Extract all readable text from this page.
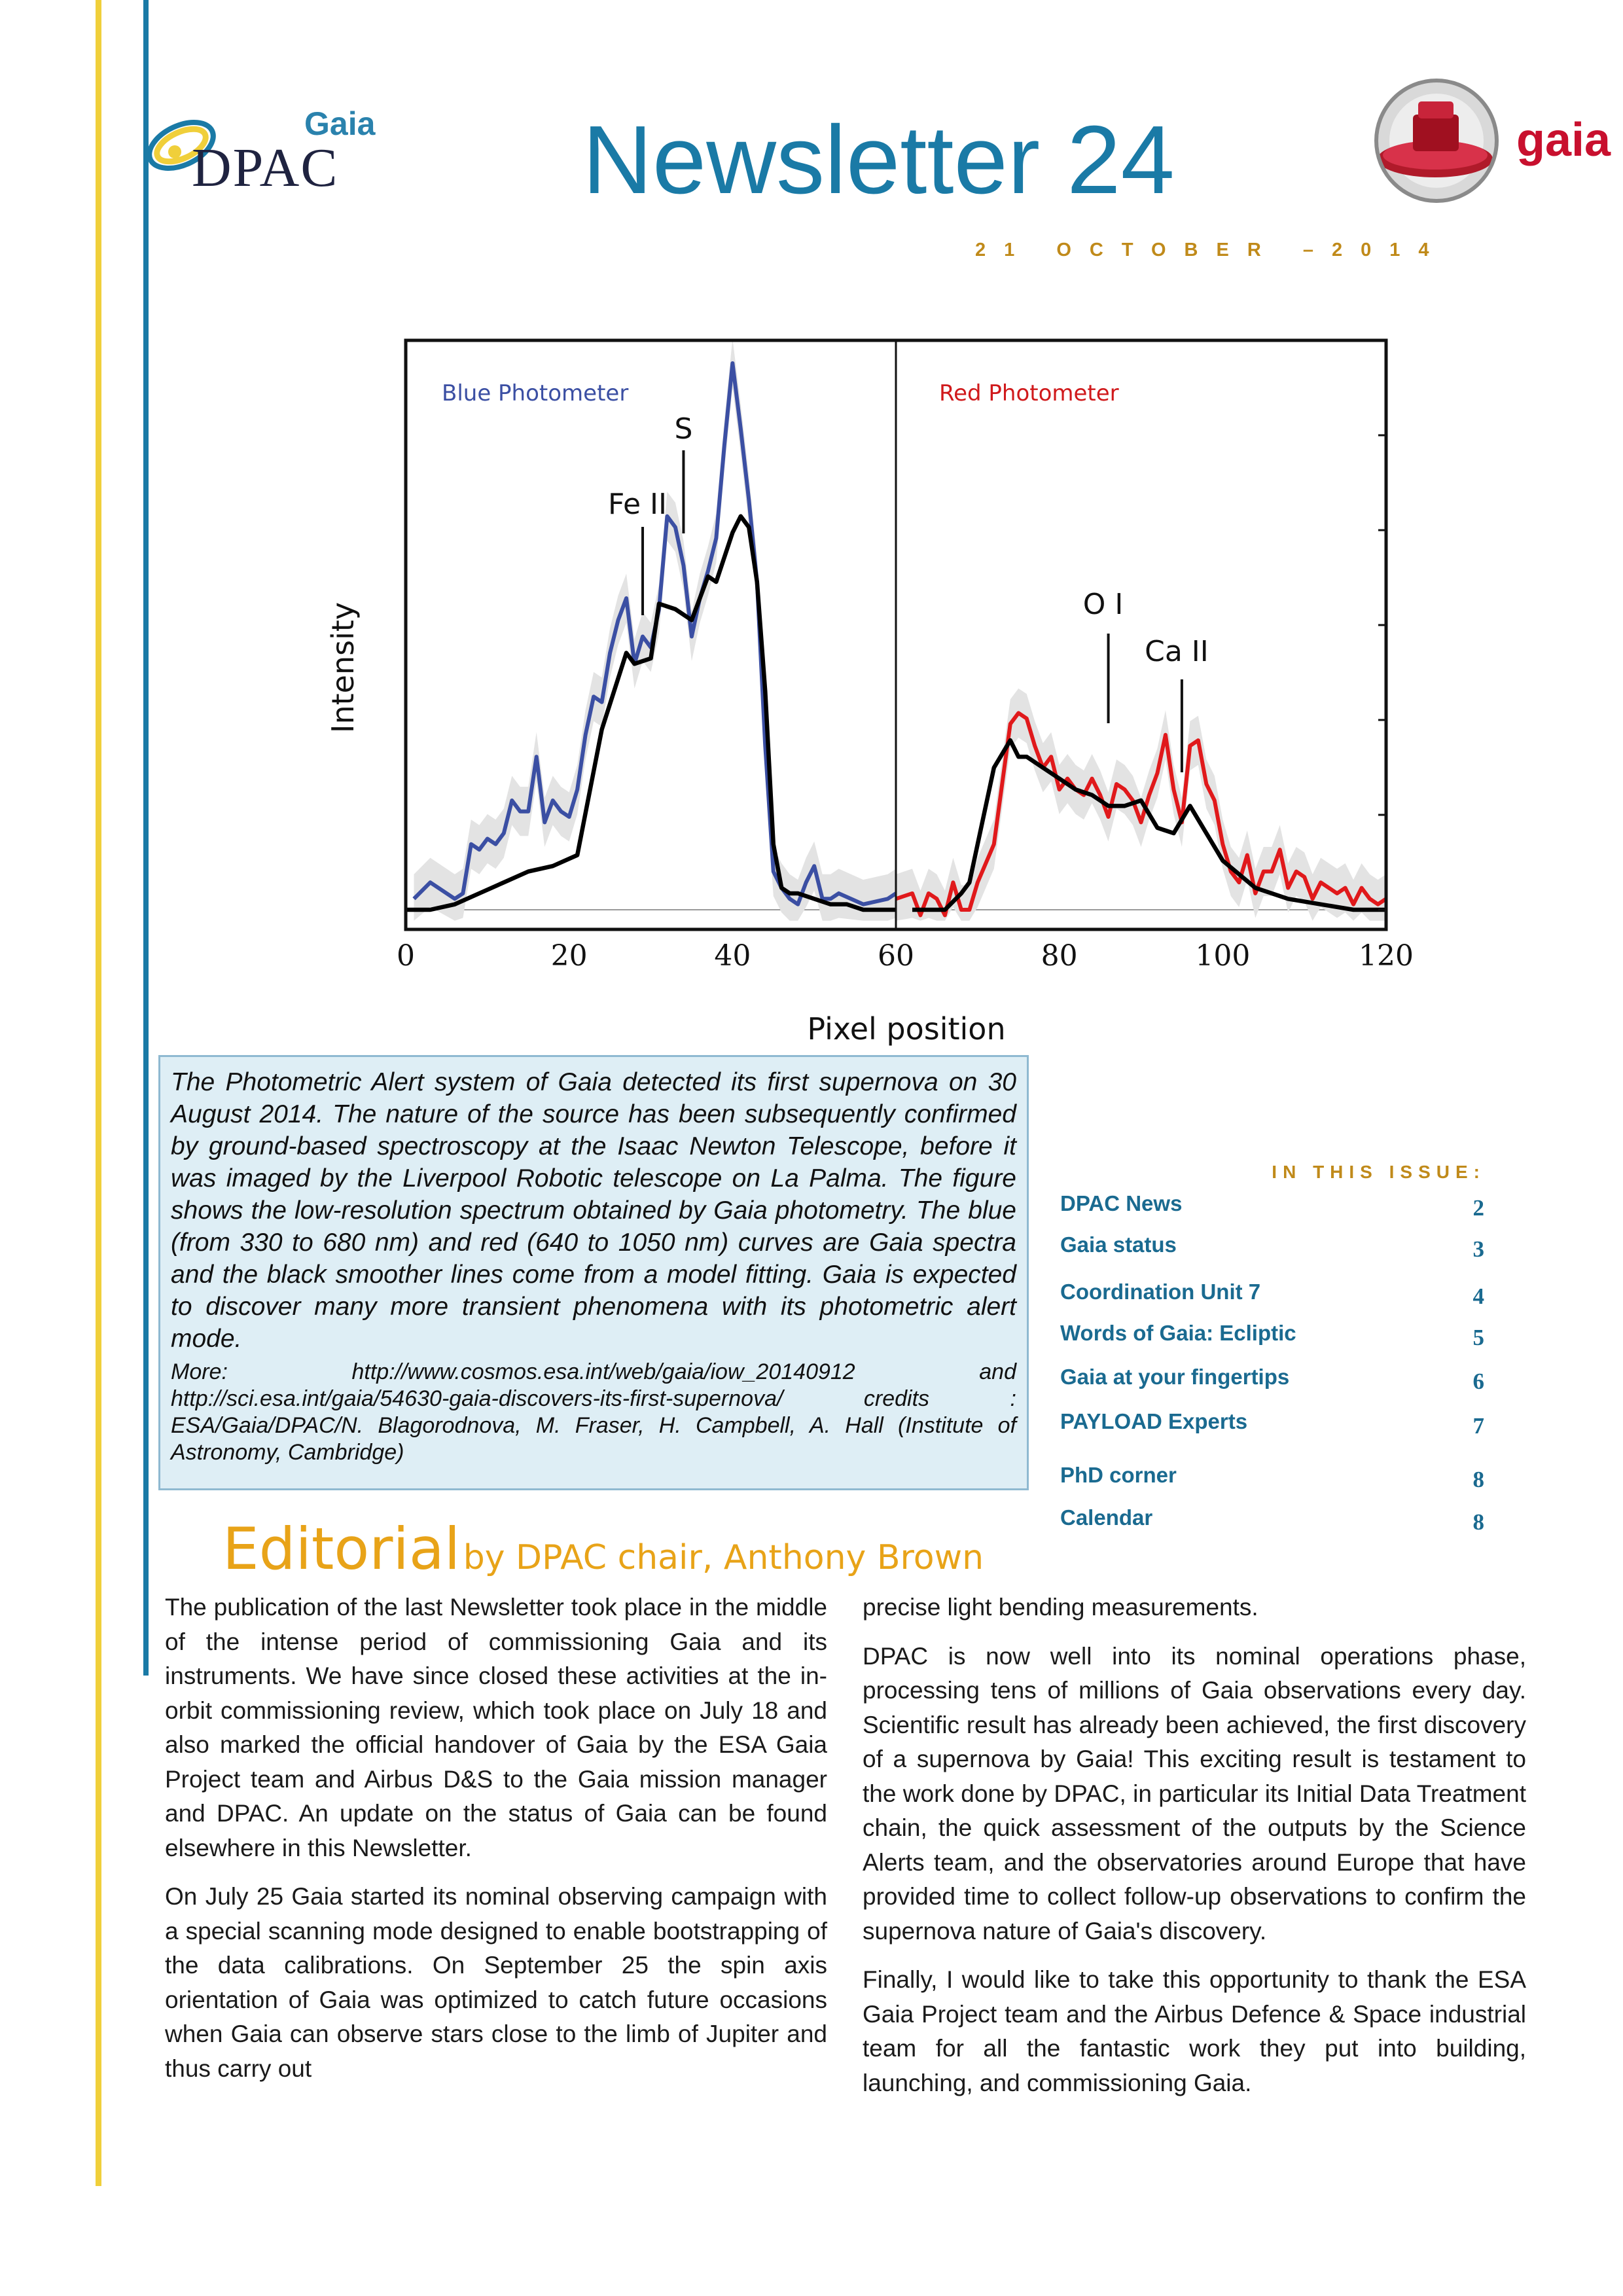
Gaia
DPAC	Newsletter 24
21 OCTOBER –2014
gaia
0	20	40	60	80	100	120
Pixel position
Intensity
Blue Photometer	Red Photometer
S
Fe II
O I
Ca II

The Photometric Alert system of Gaia detected its first supernova on 30 August 2014. The nature of the source has been subsequently confirmed by ground-based spectroscopy at the Isaac Newton Telescope, before it was imaged by the Liverpool Robotic telescope on La Palma. The figure shows the low-resolution spectrum obtained by Gaia photometry. The blue (from 330 to 680 nm) and red (640 to 1050 nm) curves are Gaia spectra and the black smoother lines come from a model fitting. Gaia is expected to discover many more transient phenomena with its photometric alert mode.

More: http://www.cosmos.esa.int/web/gaia/iow_20140912 and http://sci.esa.int/gaia/54630-gaia-discovers-its-first-supernova/ credits : ESA/Gaia/DPAC/N. Blagorodnova, M. Fraser, H. Campbell, A. Hall (Institute of Astronomy, Cambridge)

IN THIS ISSUE:
DPAC News	2
Gaia status	3
Coordination Unit 7	4
Words of Gaia: Ecliptic	5
Gaia at your fingertips	6
PAYLOAD Experts	7
PhD corner	8
Calendar	8
Editorial by DPAC chair, Anthony Brown

The publication of the last Newsletter took place in the middle of the intense period of commissioning Gaia and its instruments. We have since closed these activities at the in-orbit commissioning review, which took place on July 18 and also marked the official handover of Gaia by the ESA Gaia Project team and Airbus D&S to the Gaia mission manager and DPAC. An update on the status of Gaia can be found elsewhere in this Newsletter.

On July 25 Gaia started its nominal observing campaign with a special scanning mode designed to enable bootstrapping of the data calibrations. On September 25 the spin axis orientation of Gaia was optimized to catch future occasions when Gaia can observe stars close to the limb of Jupiter and thus carry out

precise light bending measurements.

DPAC is now well into its nominal operations phase, processing tens of millions of Gaia observations every day. Scientific result has already been achieved, the first discovery of a supernova by Gaia! This exciting result is testament to the work done by DPAC, in particular its Initial Data Treatment chain, the quick assessment of the outputs by the Science Alerts team, and the observatories around Europe that have provided time to collect follow-up observations to confirm the supernova nature of Gaia's discovery.

Finally, I would like to take this opportunity to thank the ESA Gaia Project team and the Airbus Defence & Space industrial team for all the fantastic work they put into building, launching, and commissioning Gaia.
